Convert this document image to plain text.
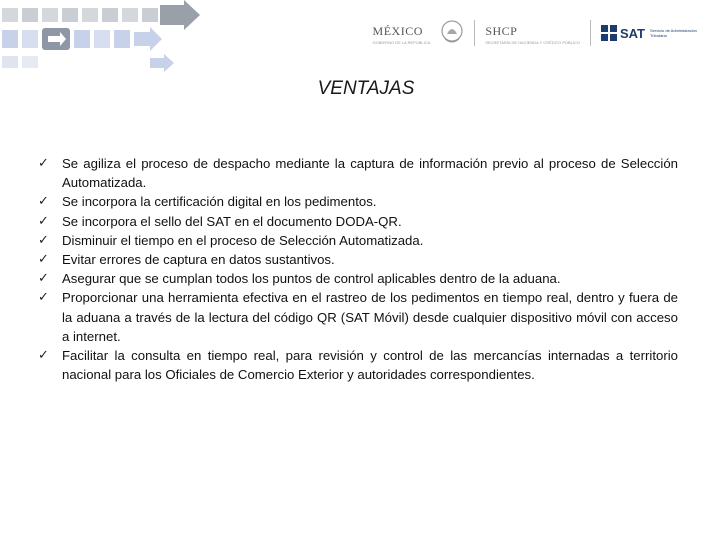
MÉXICO
GOBIERNO DE LA REPÚBLICA
SHCP
SECRETARÍA DE HACIENDA Y CRÉDITO PÚBLICO
SAT Servicio de Administración Tributaria
VENTAJAS
✓ Se agiliza el proceso de despacho mediante la captura de información previo al proceso de Selección Automatizada.
✓ Se incorpora la certificación digital en los pedimentos.
✓ Se incorpora el sello del SAT en el documento DODA-QR.
✓ Disminuir el tiempo en el proceso de Selección Automatizada.
✓ Evitar errores de captura en datos sustantivos.
✓ Asegurar que se cumplan todos los puntos de control aplicables dentro de la aduana.
✓ Proporcionar una herramienta efectiva en el rastreo de los pedimentos en tiempo real, dentro y fuera de la aduana a través de la lectura del código QR (SAT Móvil) desde cualquier dispositivo móvil con acceso a internet.
✓ Facilitar la consulta en tiempo real, para revisión y control de las mercancías internadas a territorio nacional para los Oficiales de Comercio Exterior y autoridades correspondientes.
